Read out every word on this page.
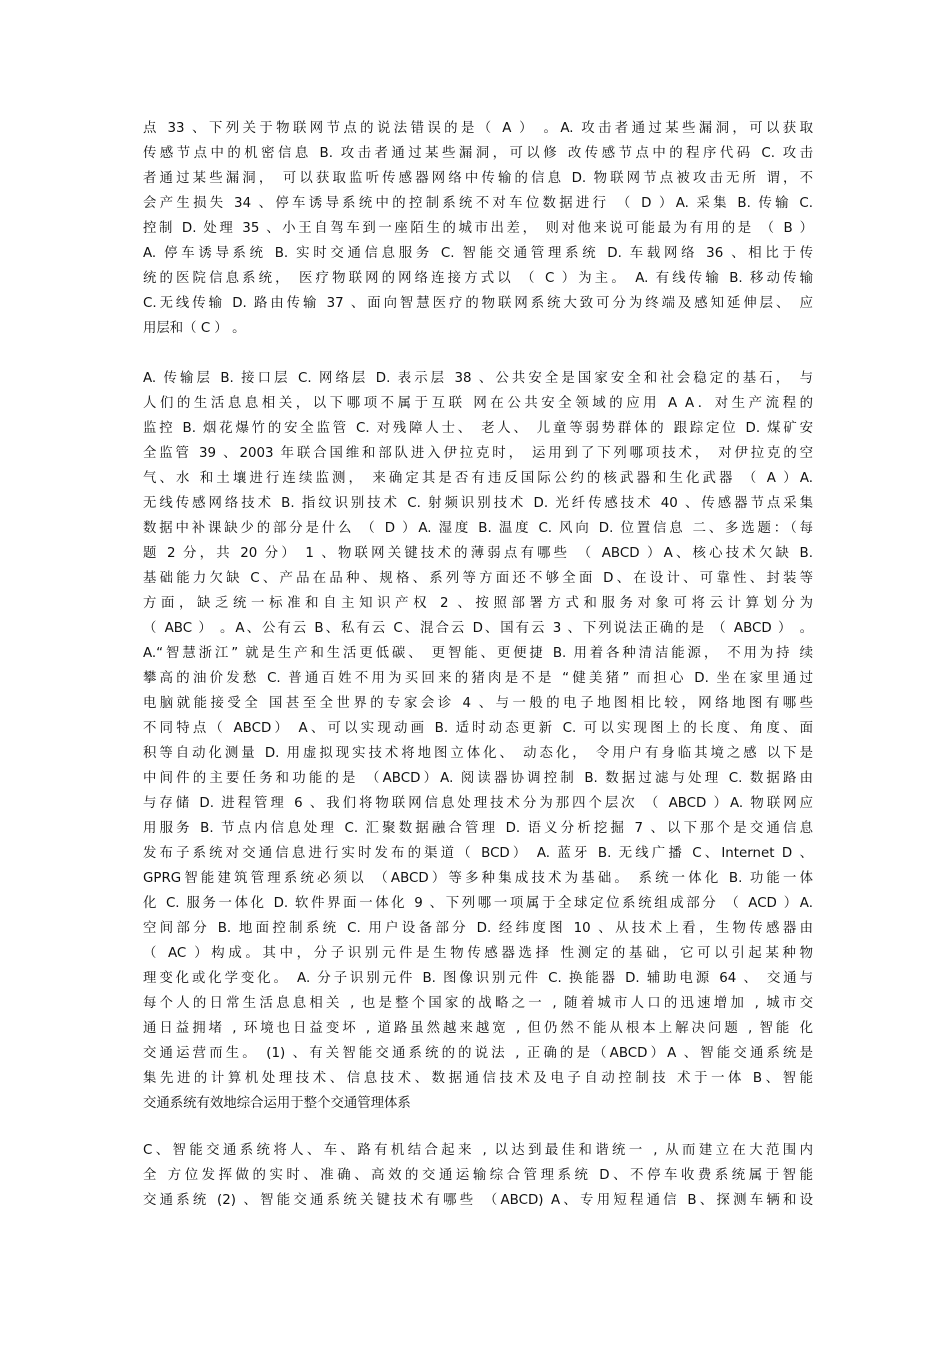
点 33 、下列关于物联网节点的说法错误的是（ A ） 。A. 攻击者通过某些漏洞，可以获取
传感节点中的机密信息 B. 攻击者通过某些漏洞，可以修 改传感节点中的程序代码 C. 攻击
者通过某些漏洞， 可以获取监听传感器网络中传输的信息 D. 物联网节点被攻击无所 谓，不
会产生损失 34 、停车诱导系统中的控制系统不对车位数据进行 （ D ）A. 采集 B. 传输 C.
控制 D. 处理 35 、小王自驾车到一座陌生的城市出差， 则对他来说可能最为有用的是 （ B ）
A. 停车诱导系统 B. 实时交通信息服务 C. 智能交通管理系统 D. 车载网络 36 、相比于传
统的医院信息系统， 医疗物联网的网络连接方式以 （ C ）为主。 A. 有线传输 B. 移动传输
C.无线传输 D. 路由传输 37 、面向智慧医疗的物联网系统大致可分为终端及感知延伸层、 应
用层和（ C ） 。
A. 传输层 B. 接口层 C. 网络层 D. 表示层 38 、公共安全是国家安全和社会稳定的基石， 与
人们的生活息息相关，以下哪项不属于互联 网在公共安全领域的应用 A A．对生产流程的
监控 B. 烟花爆竹的安全监管 C. 对残障人士、 老人、 儿童等弱势群体的 跟踪定位 D. 煤矿安
全监管 39 、2003 年联合国维和部队进入伊拉克时， 运用到了下列哪项技术， 对伊拉克的空
气、水 和土壤进行连续监测， 来确定其是否有违反国际公约的核武器和生化武器 （ A ）A.
无线传感网络技术 B. 指纹识别技术 C. 射频识别技术 D. 光纤传感技术 40 、传感器节点采集
数据中补课缺少的部分是什么 （ D ）A. 湿度 B. 温度 C. 风向 D. 位置信息 二、多选题：（每
题 2 分，共 20 分） 1 、物联网关键技术的薄弱点有哪些 （ ABCD ）A、核心技术欠缺 B.
基础能力欠缺 C、产品在品种、规格、系列等方面还不够全面 D、在设计、可靠性、封装等
方面，缺乏统一标准和自主知识产权 2 、按照部署方式和服务对象可将云计算划分为
（ ABC ） 。A、公有云 B、私有云 C、混合云 D、国有云 3 、下列说法正确的是 （ ABCD ） 。
A.“智慧浙江” 就是生产和生活更低碳、 更智能、更便捷 B. 用着各种清洁能源， 不用为持 续
攀高的油价发愁 C. 普通百姓不用为买回来的猪肉是不是 “健美猪” 而担心 D. 坐在家里通过
电脑就能接受全 国甚至全世界的专家会诊 4 、与一般的电子地图相比较，网络地图有哪些
不同特点（ ABCD） A、可以实现动画 B. 适时动态更新 C. 可以实现图上的长度、角度、面
积等自动化测量 D. 用虚拟现实技术将地图立体化、 动态化， 令用户有身临其境之感 以下是
中间件的主要任务和功能的是 （ABCD）A. 阅读器协调控制 B. 数据过滤与处理 C. 数据路由
与存储 D. 进程管理 6 、我们将物联网信息处理技术分为那四个层次 （ ABCD ）A. 物联网应
用服务 B. 节点内信息处理 C. 汇聚数据融合管理 D. 语义分析挖掘 7 、以下那个是交通信息
发布子系统对交通信息进行实时发布的渠道（ BCD） A. 蓝牙 B. 无线广播 C、Internet D 、
GPRG智能建筑管理系统必须以 （ABCD）等多种集成技术为基础。 系统一体化 B. 功能一体
化 C. 服务一体化 D. 软件界面一体化 9 、下列哪一项属于全球定位系统组成部分 （ ACD ）A.
空间部分 B. 地面控制系统 C. 用户设备部分 D. 经纬度图 10 、从技术上看，生物传感器由
（ AC ）构成。其中，分子识别元件是生物传感器选择 性测定的基础，它可以引起某种物
理变化或化学变化。 A. 分子识别元件 B. 图像识别元件 C. 换能器 D. 辅助电源 64 、 交通与
每个人的日常生活息息相关 , 也是整个国家的战略之一 , 随着城市人口的迅速增加 , 城市交
通日益拥堵 , 环境也日益变坏 , 道路虽然越来越宽 , 但仍然不能从根本上解决问题 , 智能 化
交通运营而生。 (1) 、有关智能交通系统的的说法 , 正确的是（ABCD）A 、智能交通系统是
集先进的计算机处理技术、信息技术、数据通信技术及电子自动控制技 术于一体 B、智能
交通系统有效地综合运用于整个交通管理体系
C、智能交通系统将人、车、路有机结合起来 , 以达到最佳和谐统一 , 从而建立在大范围内
全 方位发挥做的实时、准确、高效的交通运输综合管理系统 D、不停车收费系统属于智能
交通系统 (2) 、智能交通系统关键技术有哪些 （ABCD) A、专用短程通信 B、探测车辆和设
